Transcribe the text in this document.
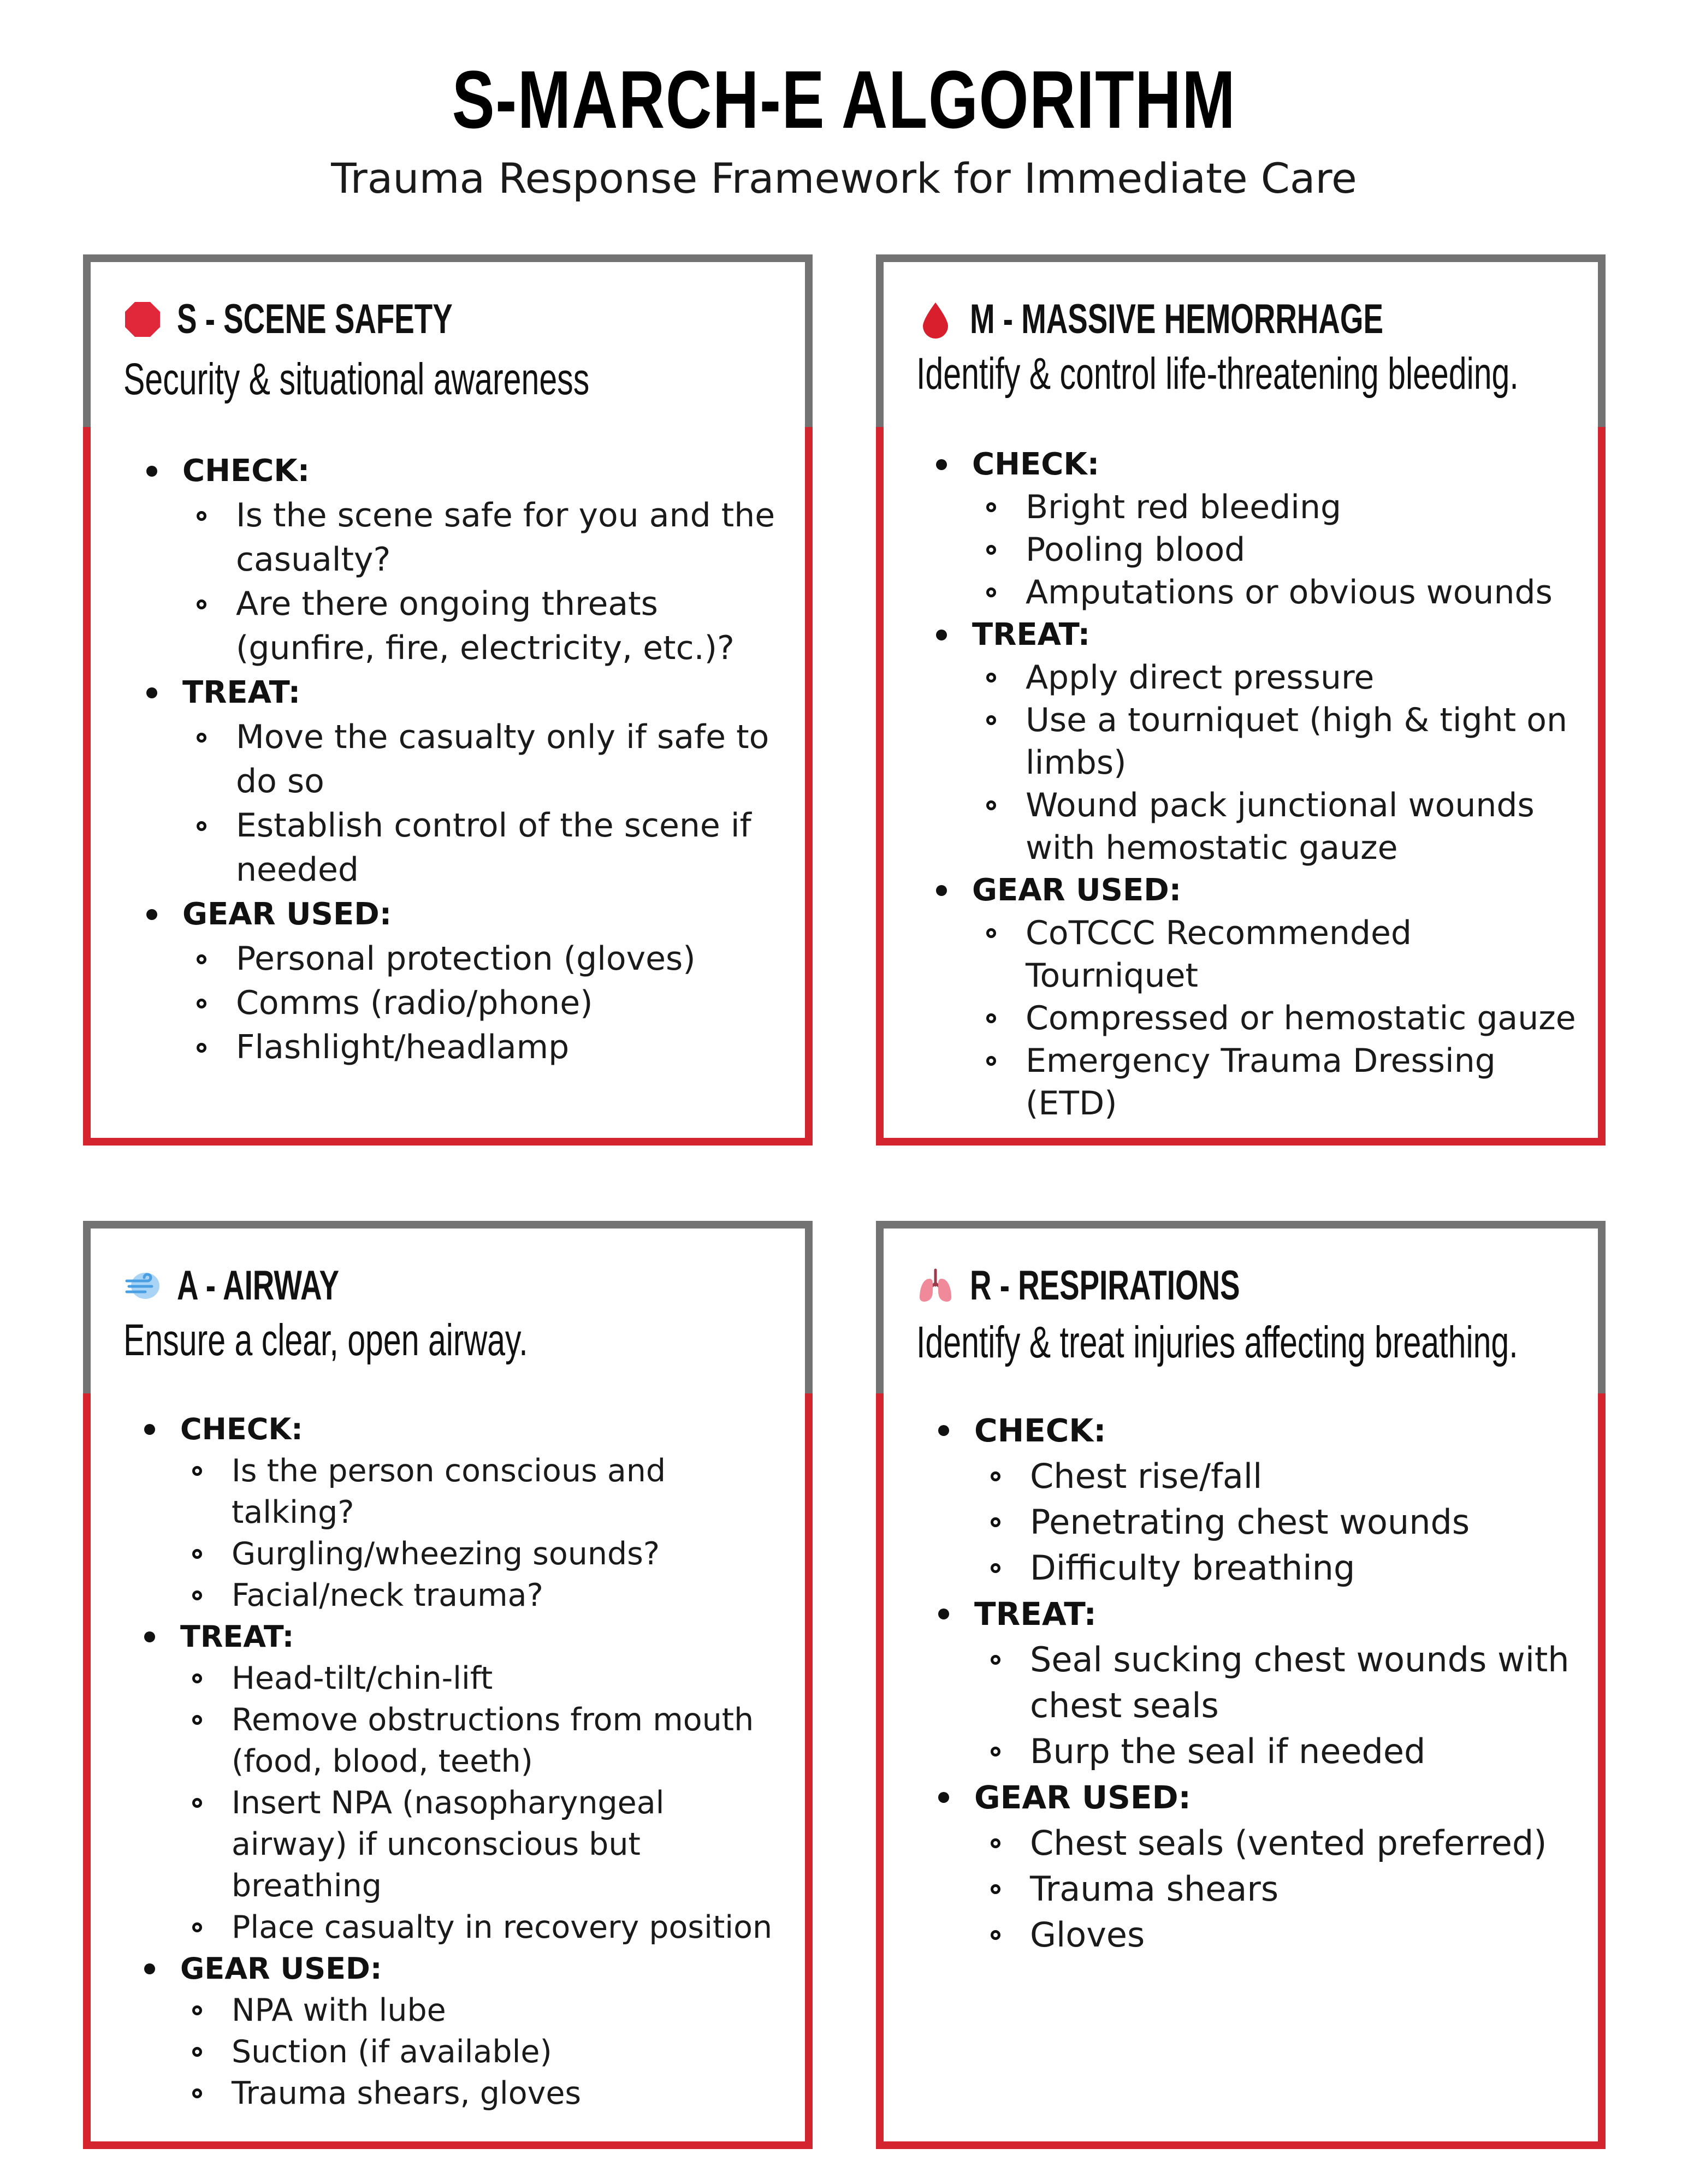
S-MARCH-E ALGORITHM
Trauma Response Framework for Immediate Care
S - SCENE SAFETY
Security & situational awareness
CHECK:
Is the scene safe for you and the casualty?
Are there ongoing threats (gunfire, fire, electricity, etc.)?
TREAT:
Move the casualty only if safe to do so
Establish control of the scene if needed
GEAR USED:
Personal protection (gloves)
Comms (radio/phone)
Flashlight/headlamp
M - MASSIVE HEMORRHAGE
Identify & control life-threatening bleeding.
CHECK:
Bright red bleeding
Pooling blood
Amputations or obvious wounds
TREAT:
Apply direct pressure
Use a tourniquet (high & tight on limbs)
Wound pack junctional wounds with hemostatic gauze
GEAR USED:
CoTCCC Recommended Tourniquet
Compressed or hemostatic gauze
Emergency Trauma Dressing (ETD)
A - AIRWAY
Ensure a clear, open airway.
CHECK:
Is the person conscious and talking?
Gurgling/wheezing sounds?
Facial/neck trauma?
TREAT:
Head-tilt/chin-lift
Remove obstructions from mouth (food, blood, teeth)
Insert NPA (nasopharyngeal airway) if unconscious but breathing
Place casualty in recovery position
GEAR USED:
NPA with lube
Suction (if available)
Trauma shears, gloves
R - RESPIRATIONS
Identify & treat injuries affecting breathing.
CHECK:
Chest rise/fall
Penetrating chest wounds
Difficulty breathing
TREAT:
Seal sucking chest wounds with chest seals
Burp the seal if needed
GEAR USED:
Chest seals (vented preferred)
Trauma shears
Gloves
